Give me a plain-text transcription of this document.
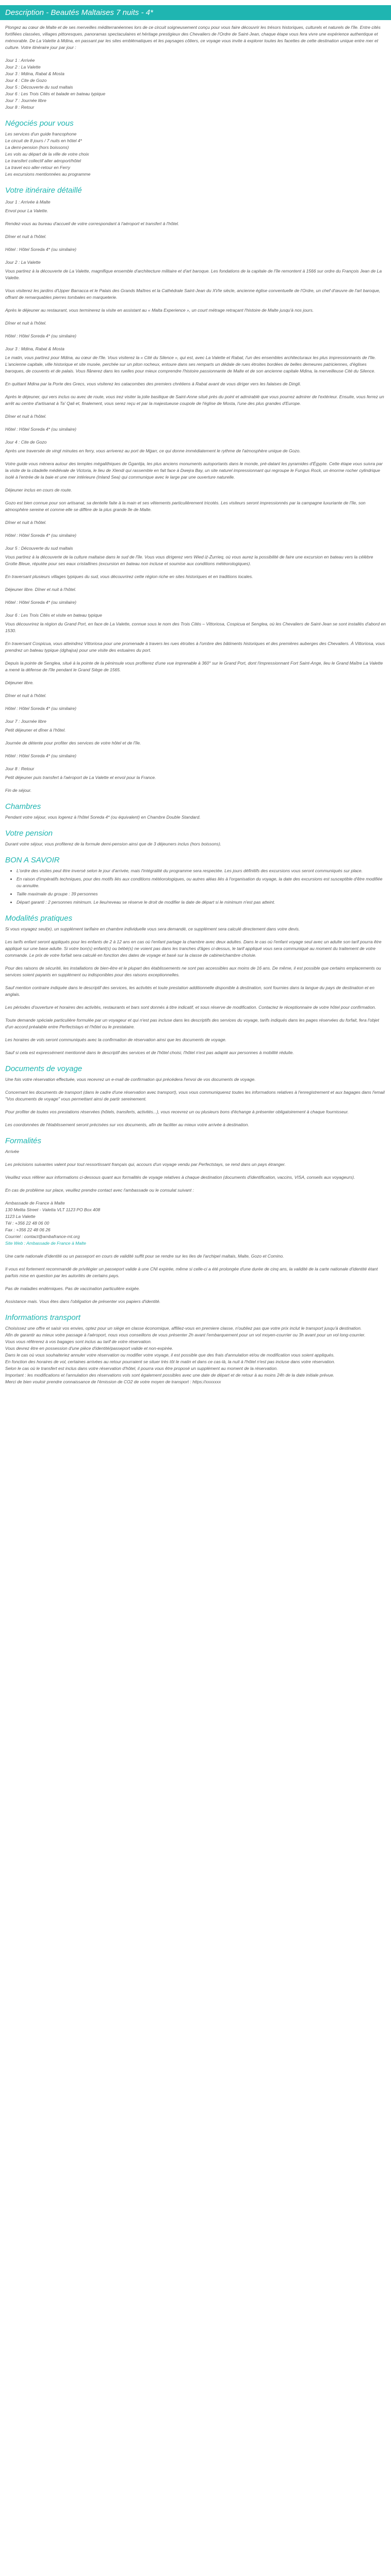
Description - Beautés Maltaises 7 nuits - 4*

Plongez au cœur de Malte et de ses merveilles méditerranéennes lors de ce circuit soigneusement conçu pour vous faire découvrir les trésors historiques, culturels et naturels de l'île. Entre cités fortifiées classées, villages pittoresques, panoramas spectaculaires et héritage prestigieux des Chevaliers de l'Ordre de Saint-Jean, chaque étape vous fera vivre une expérience authentique et mémorable. De La Valette à Mdina, en passant par les sites emblématiques et les paysages côtiers, ce voyage vous invite à explorer toutes les facettes de cette destination unique entre mer et culture. Votre itinéraire jour par jour :

Jour 1 : Arrivée

Jour 2 : La Valette

Jour 3 : Mdina, Rabat & Mosta

Jour 4 : Cite de Gozo

Jour 5 : Découverte du sud maltais

Jour 6 : Les Trois Cités et balade en bateau typique

Jour 7 : Journée libre

Jour 8 : Retour

Négociés pour vous

Les services d'un guide francophone

Le circuit de 8 jours / 7 nuits en hôtel 4*

La demi-pension (hors boissons)

Les vols au départ de la ville de votre choix

Le transfert collectif aller aéroport/hôtel

La travel eco aller-retour en Ferry

Les excursions mentionnées au programme

Votre itinéraire détaillé

Jour 1 : Arrivée à Malte

Envol pour La Valette.

Rendez-vous au bureau d'accueil de votre correspondant à l'aéroport et transfert à l'hôtel.

Dîner et nuit à l'hôtel.

Hôtel : Hôtel Soreda 4* (ou similaire)

Jour 2 : La Valette

Vous partirez à la découverte de La Valette, magnifique ensemble d'architecture militaire et d'art baroque. Les fondations de la capitale de l'île remontent à 1566 sur ordre du François Jean de La Valette.

Vous visiterez les jardins d'Upper Barracca et le Palais des Grands Maîtres et la Cathédrale Saint-Jean du XVIe siècle, ancienne église conventuelle de l'Ordre, un chef d'œuvre de l'art baroque, offrant de remarquables pierres tombales en marqueterie.

Après le déjeuner au restaurant, vous terminerez la visite en assistant au « Malta Experience », un court métrage retraçant l'histoire de Malte jusqu'à nos jours.

Dîner et nuit à l'hôtel.

Hôtel : Hôtel Soreda 4* (ou similaire)

Jour 3 : Mdina, Rabat & Mosta

Le matin, vous partirez pour Mdina, au cœur de l'île. Vous visiterez la « Cité du Silence », qui est, avec La Valette et Rabat, l'un des ensembles architecturaux les plus impressionnants de l'île. L'ancienne capitale, ville historique et site musée, perchée sur un piton rocheux, entoure dans ses remparts un dédale de rues étroites bordées de belles demeures patriciennes, d'églises baroques, de couvents et de palais. Vous flânerez dans les ruelles pour mieux comprendre l'histoire passionnante de Malte et de son ancienne capitale Mdina, la merveilleuse Cité du Silence.

En quittant Mdina par la Porte des Grecs, vous visiterez les catacombes des premiers chrétiens à Rabat avant de vous diriger vers les falaises de Dingli.

Après le déjeuner, qui vers inclus ou avec de route, vous irez visiter la jolie basilique de Saint-Anne situé près du point et admirablé que vous pourrez admirer de l'extérieur. Ensuite, vous ferrez un arrêt au centre d'artisanat à Ta' Qali et, finalement, vous serez reçu et par la majestueuse coupole de l'église de Mosta, l'une des plus grandes d'Europe.

Dîner et nuit à l'hôtel.

Hôtel : Hôtel Soreda 4* (ou similaire)

Jour 4 : Cite de Gozo

Après une traversée de vingt minutes en ferry, vous arriverez au port de Mġarr, ce qui donne immédiatement le rythme de l'atmosphère unique de Gozo.

Votre guide vous mènera autour des temples mégalithiques de Ġgantija, les plus anciens monuments autoportants dans le monde, pré-datant les pyramides d'Égypte. Cette étape vous suivra par la visite de la citadelle médiévale de Victoria, le lieu de Xlendi qui rassemble en fait face à Dwejra Bay, un site naturel impressionnant qui regroupe le Fungus Rock, un énorme rocher cylindrique isolé à l'entrée de la baie et une mer intérieure (Inland Sea) qui communique avec le large par une ouverture naturelle.

Déjeuner inclus en cours de route.

Gozo est bien connue pour son artisanat, sa dentelle faite à la main et ses vêtements particulièrement tricotés. Les visiteurs seront impressionnés par la campagne luxuriante de l'île, son atmosphère sereine et comme elle se diffère de la plus grande île de Malte.

Dîner et nuit à l'hôtel.

Hôtel : Hôtel Soreda 4* (ou similaire)

Jour 5 : Découverte du sud maltais

Vous partirez à la découverte de la culture maltaise dans le sud de l'île. Vous vous dirigerez vers Wied iż-Żurrieq, où vous aurez la possibilité de faire une excursion en bateau vers la célèbre Grotte Bleue, réputée pour ses eaux cristallines (excursion en bateau non incluse et soumise aux conditions météorologiques).

En traversant plusieurs villages typiques du sud, vous découvrirez cette région riche en sites historiques et en traditions locales.

Déjeuner libre. Dîner et nuit à l'hôtel.

Hôtel : Hôtel Soreda 4* (ou similaire)

Jour 6 : Les Trois Cités et visite en bateau typique

Vous découvrirez la région du Grand Port, en face de La Valette, connue sous le nom des Trois Cités – Vittoriosa, Cospicua et Senglea, où les Chevaliers de Saint-Jean se sont installés d'abord en 1530.

En traversant Cospicua, vous atteindrez Vittoriosa pour une promenade à travers les rues étroites à l'ombre des bâtiments historiques et des premières auberges des Chevaliers. À Vittoriosa, vous prendrez un bateau typique (dghajsa) pour une visite des estuaires du port.

Depuis la pointe de Senglea, situé à la pointe de la péninsule vous profiterez d'une vue imprenable à 360° sur le Grand Port, dont l'impressionnant Fort Saint-Ange, lieu le Grand Maître La Valette a mené la défense de l'île pendant le Grand Siège de 1565.

Déjeuner libre.

Dîner et nuit à l'hôtel.

Hôtel : Hôtel Soreda 4* (ou similaire)

Jour 7 : Journée libre

Petit déjeuner et dîner à l'hôtel.

Journée de détente pour profiter des services de votre hôtel et de l'île.

Hôtel : Hôtel Soreda 4* (ou similaire)

Jour 8 : Retour

Petit déjeuner puis transfert à l'aéroport de La Valette et envol pour la France.

Fin de séjour.

Chambres

Pendant votre séjour, vous logerez à l'hôtel Soreda 4* (ou équivalent) en Chambre Double Standard.

Votre pension

Durant votre séjour, vous profiterez de la formule demi-pension ainsi que de 3 déjeuners inclus (hors boissons).

BON A SAVOIR
• L'ordre des visites peut être inversé selon le jour d'arrivée, mais l'intégralité du programme sera respectée. Les jours définitifs des excursions vous seront communiqués sur place.
• En raison d'impératifs techniques, pour des motifs liés aux conditions météorologiques, ou autres aléas liés à l'organisation du voyage, la date des excursions est susceptible d'être modifiée ou annulée.
• Taille maximale du groupe : 39 personnes
• Départ garanti : 2 personnes minimum. Le lieu/reveau se réserve le droit de modifier la date de départ si le minimum n'est pas atteint.
Modalités pratiques

Si vous voyagez seul(e), un supplément tarifaire en chambre individuelle vous sera demandé, ce supplément sera calculé directement dans votre devis.

Les tarifs enfant seront appliqués pour les enfants de 2 à 12 ans en cas où l'enfant partage la chambre avec deux adultes. Dans le cas où l'enfant voyage seul avec un adulte son tarif pourra être appliqué sur une base adulte. Si votre bon(s) enfant(s) ou bébé(s) ne voient pas dans les tranches d'âges ci-dessus, le tarif appliqué vous sera communiqué au moment du traitement de votre commande. Le prix de votre forfait sera calculé en fonction des dates de voyage et basé sur la classe de cabine/chambre choisie.

Pour des raisons de sécurité, les installations de bien-être et le plupart des établissements ne sont pas accessibles aux moins de 16 ans. De même, il est possible que certains emplacements ou services soient payants en supplément ou indisponibles pour des raisons exceptionnelles.

Sauf mention contraire indiquée dans le descriptif des services, les activités et toute prestation additionnelle disponible à destination, sont fournies dans la langue du pays de destination et en anglais.

Les périodes d'ouverture et horaires des activités, restaurants et bars sont donnés à titre indicatif, et sous réserve de modification. Contactez le réceptionnaire de votre hôtel pour confirmation.

Toute demande spéciale particulière formulée par un voyageur et qui n'est pas incluse dans les descriptifs des services du voyage, tarifs indiqués dans les pages réservées du forfait, fera l'objet d'un accord préalable entre Perfectstays et l'hôtel ou le prestataire.

Les horaires de vols seront communiqués avec la confirmation de réservation ainsi que les documents de voyage.

Sauf si cela est expressément mentionné dans le descriptif des services et de l'hôtel choisi, l'hôtel n'est pas adapté aux personnes à mobilité réduite.

Documents de voyage

Une fois votre réservation effectuée, vous recevrez un e-mail de confirmation qui précédera l'envoi de vos documents de voyage.

Concernant les documents de transport (dans le cadre d'une réservation avec transport), vous vous communiquerez toutes les informations relatives à l'enregistrement et aux bagages dans l'email "Vos documents de voyage" vous permettant ainsi de partir sereinement.

Pour profiter de toutes vos prestations réservées (hôtels, transferts, activités...), vous recevrez un ou plusieurs bons d'échange à présenter obligatoirement à chaque fournisseur.

Les coordonnées de l'établissement seront précisées sur vos documents, afin de faciliter au mieux votre arrivée à destination.

Formalités

Arrivée

Les précisions suivantes valent pour tout ressortissant français qui, accours d'un voyage vendu par Perfectstays, se rend dans un pays étranger.

Veuillez vous référer aux informations ci-dessous quant aux formalités de voyage relatives à chaque destination (documents d'identification, vaccins, VISA, conseils aux voyageurs).

En cas de problème sur place, veuillez prendre contact avec l'ambassade ou le consulat suivant :

Ambassade de France à Malte

130 Melita Street - Valetta VLT 1123 PO Box 408

1123 La Valette

Tél : +356 22 48 06 00

Fax : +356 22 48 06 26

Courriel : contact@ambafrance-mt.org

Site Web : Ambassade de France à Malte

Une carte nationale d'identité ou un passeport en cours de validité suffit pour se rendre sur les Iles de l'archipel maltais, Malte, Gozo et Comino.

Il vous est fortement recommandé de privilégier un passeport valide à une CNI expirée, même si celle-ci a été prolongée d'une durée de cinq ans, la validité de la carte nationale d'identité étant parfois mise en question par les autorités de certains pays.

Pas de maladies endémiques. Pas de vaccination particulière exigée.

Assistance mais. Vous êtes dans l'obligation de présenter vos papiers d'identité.

Informations transport

Choisissez une offre et saisir vos envies, optez pour un siège en classe économique, affiliez-vous en premiere classe, n'oubliez pas que votre prix inclut le transport jusqu'à destination.

Afin de garantir au mieux votre passage à l'aéroport, nous vous conseillons de vous présenter 2h avant l'embarquement pour un vol moyen-courrier ou 3h avant pour un vol long-courrier.

Vous vous référerez à vos bagages sont inclus au tarif de votre réservation.

Vous devrez être en possession d'une pièce d'identité/passeport valide et non-expirée.

Dans le cas où vous souhaiteriez annuler votre réservation ou modifier votre voyage, il est possible que des frais d'annulation et/ou de modification vous soient appliqués.

En fonction des horaires de vol, certaines arrivées au retour pourraient se situer très tôt le matin et dans ce cas-là, la nuit à l'hôtel n'est pas incluse dans votre réservation.

Selon le cas où le transfert est inclus dans votre réservation d'hôtel, il pourra vous être proposé un supplément au moment de la réservation.

Important : les modifications et l'annulation des réservations vols sont également possibles avec une date de départ et de retour à au moins 24h de la date initiale prévue.

Merci de bien vouloir prendre connaissance de l'émission de CO2 de votre moyen de transport : https://xxxxxxx
